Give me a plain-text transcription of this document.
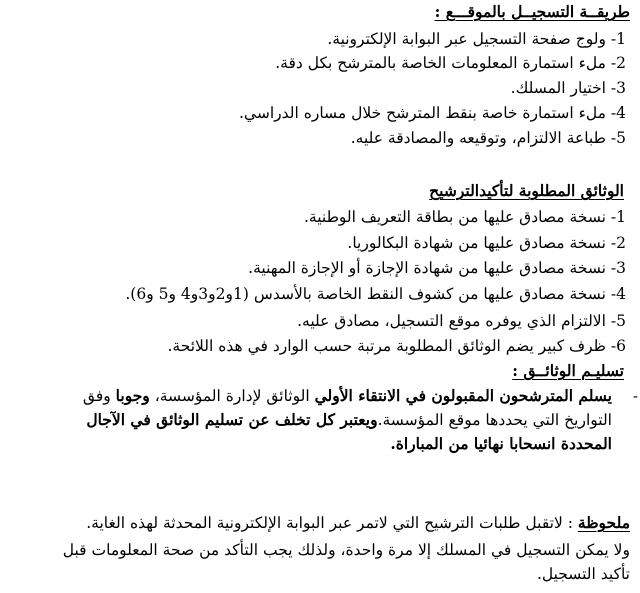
طريقــة التسجيــل بالموقـــع :

1- ولوج صفحة التسجيل عبر البوابة الإلكترونية.

2- ملء استمارة المعلومات الخاصة بالمترشح بكل دقة.

3- اختيار المسلك.

4- ملء استمارة خاصة بنقط المترشح خلال مساره الدراسي.

5- طباعة الالتزام، وتوقيعه والمصادقة عليه.

الوثائق المطلوبة لتأكيدالترشيح

1- نسخة مصادق عليها من بطاقة التعريف الوطنية.

2- نسخة مصادق عليها من شهادة البكالوريا.

3- نسخة مصادق عليها من شهادة الإجازة أو الإجازة المهنية.

4- نسخة مصادق عليها من كشوف النقط الخاصة بالأسدس (1و2و3و4 و5 و6).

5- الالتزام الذي يوفره موقع التسجيل، مصادق عليه.

6- ظرف كبير يضم الوثائق المطلوبة مرتبة حسب الوارد في هذه اللائحة.

تسليـم الوثائــق :

-

يسلم المترشحون المقبولون في الانتقاء الأولي الوثائق لإدارة المؤسسة، وجوبا وفق

التواريخ التي يحددها موقع المؤسسة.ويعتبر كل تخلف عن تسليم الوثائق في الآجال

المحددة انسحابا نهائيا من المباراة.

ملحوظة : لاتقبل طلبات الترشيح التي لاتمر عبر البوابة الإلكترونية المحدثة لهذه الغاية.

ولا يمكن التسجيل في المسلك إلا مرة واحدة، ولذلك يجب التأكد من صحة المعلومات قبل

تأكيد التسجيل.
